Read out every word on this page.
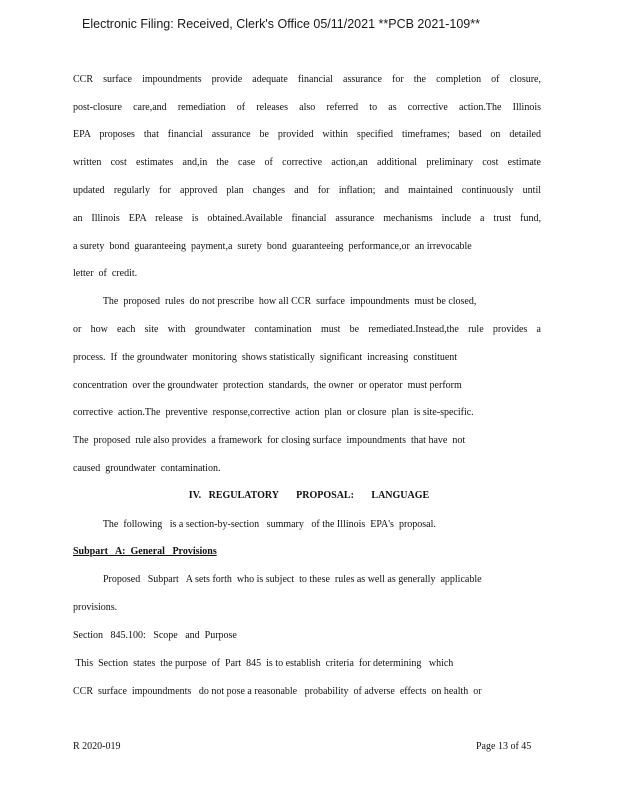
Electronic Filing: Received, Clerk's Office 05/11/2021 **PCB 2021-109**
CCR surface impoundments provide adequate financial assurance for the completion of closure,
post-closure care,and remediation of releases also referred to as corrective action.The Illinois
EPA proposes that financial assurance be provided within specified timeframes; based on detailed
written cost estimates and,in the case of corrective action,an additional preliminary cost estimate
updated regularly for approved plan changes and for inflation; and maintained continuously until
an Illinois EPA release is obtained.Available financial assurance mechanisms include a trust fund,
a surety  bond  guaranteeing  payment,a  surety  bond  guaranteeing  performance,or  an irrevocable
letter  of  credit.
The  proposed  rules  do not prescribe  how all CCR  surface  impoundments  must be closed,
or how each site with groundwater contamination must be remediated.Instead,the rule provides a
process.  If  the groundwater  monitoring  shows statistically  significant  increasing  constituent
concentration  over the groundwater  protection  standards,  the owner  or operator  must perform
corrective  action.The  preventive  response,corrective  action  plan  or closure  plan  is site-specific.
The  proposed  rule also provides  a framework  for closing surface  impoundments  that have  not
caused  groundwater  contamination.
IV.   REGULATORY       PROPOSAL:       LANGUAGE
The  following   is a section-by-section   summary   of the Illinois  EPA's  proposal.
Subpart   A:  General   Provisions
Proposed   Subpart   A sets forth  who is subject  to these  rules as well as generally  applicable
provisions.
Section   845.100:   Scope   and  Purpose
This  Section  states  the purpose  of  Part  845  is to establish  criteria  for determining   which
CCR  surface  impoundments   do not pose a reasonable   probability  of adverse  effects  on health  or
R 2020-019	Page 13 of 45
